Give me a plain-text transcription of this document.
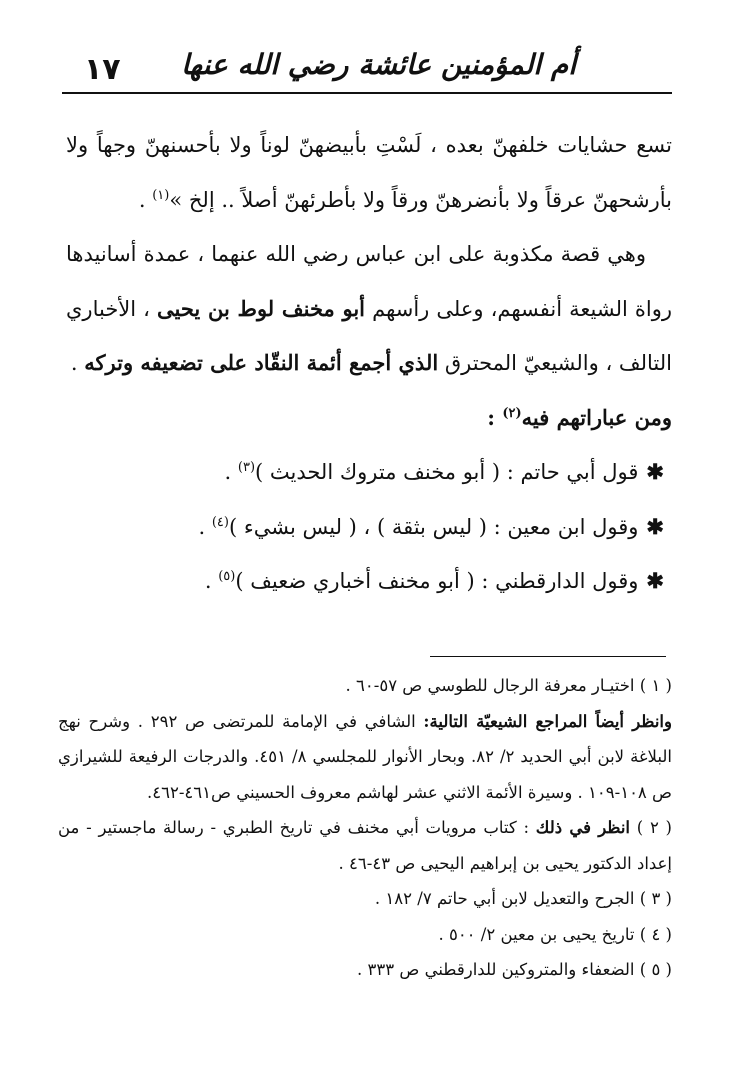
١٧ أم المؤمنين عائشة رضي الله عنها

تسع حشايات خلفهنّ بعده ، لَسْتِ بأبيضهنّ لوناً ولا بأحسنهنّ وجهاً ولا بأرشحهنّ عرقاً ولا بأنضرهنّ ورقاً ولا بأطرئهنّ أصلاً .. إلخ »$^{(١)}$ .

وهي قصة مكذوبة على ابن عباس رضي الله عنهما ، عمدة أسانيدها رواة الشيعة أنفسهم، وعلى رأسهم أبو مخنف لوط بن يحيى ، الأخباري التالف ، والشيعيّ المحترق الذي أجمع أئمة النقّاد على تضعيفه وتركه .

ومن عباراتهم فيه$^{(٢)}$ :

✱قول أبي حاتم : ( أبو مخنف متروك الحديث )$^{(٣)}$ .

✱وقول ابن معين : ( ليس بثقة ) ، ( ليس بشيء )$^{(٤)}$ .

✱وقول الدارقطني : ( أبو مخنف أخباري ضعيف )$^{(٥)}$ .

( ١ ) اختيـار معرفة الرجال للطوسي ص ٥٧-٦٠ .

وانظر أيضاً المراجع الشيعيّة التالية: الشافي في الإمامة للمرتضى ص ٢٩٢ . وشرح نهج البلاغة لابن أبي الحديد ٢/ ٨٢. وبحار الأنوار للمجلسي ٨/ ٤٥١. والدرجات الرفيعة للشيرازي ص ١٠٨-١٠٩ . وسيرة الأئمة الاثني عشر لهاشم معروف الحسيني ص٤٦١-٤٦٢.

( ٢ ) انظر في ذلك : كتاب مرويات أبي مخنف في تاريخ الطبري - رسالة ماجستير - من إعداد الدكتور يحيى بن إبراهيم اليحيى ص ٤٣-٤٦ .

( ٣ ) الجرح والتعديل لابن أبي حاتم ٧/ ١٨٢ .

( ٤ ) تاريخ يحيى بن معين ٢/ ٥٠٠ .

( ٥ ) الضعفاء والمتروكين للدارقطني ص ٣٣٣ .
